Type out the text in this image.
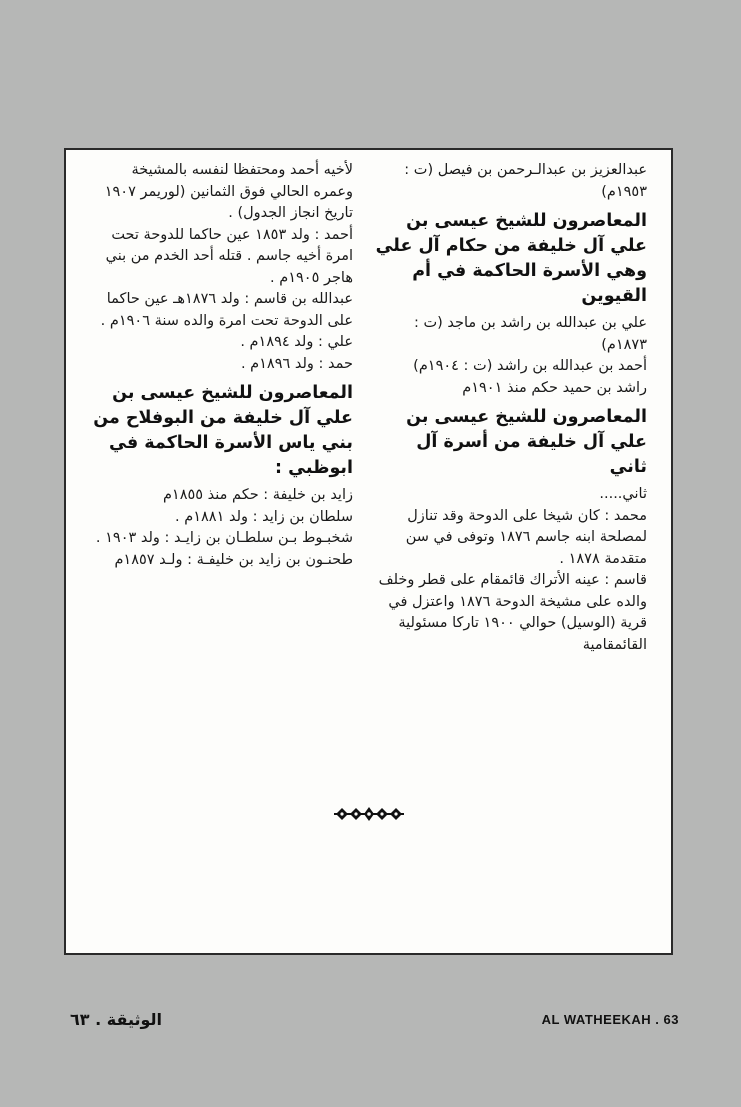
عبدالعزيز بن عبدالـرحمن بن فيصل (ت : ١٩٥٣م)

المعاصرون للشيخ عيسى بن علي آل خليفة من حكام آل علي وهي الأسرة الحاكمة في أم القيوين

علي بن عبدالله بن راشد بن ماجد (ت : ١٨٧٣م)

أحمد بن عبدالله بن راشد (ت : ١٩٠٤م)

راشد بن حميد حكم منذ ١٩٠١م

المعاصرون للشيخ عيسى بن علي آل خليفة من أسرة آل ثاني

ثاني.....

محمد : كان شيخا على الدوحة وقد تنازل لمصلحة ابنه جاسم ١٨٧٦ وتوفى في سن متقدمة ١٨٧٨ .

قاسم : عينه الأتراك قائمقام على قطر وخلف والده على مشيخة الدوحة ١٨٧٦ واعتزل في قرية (الوسيل) حوالي ١٩٠٠ تاركا مسئولية القائمقامية

لأخيه أحمد ومحتفظا لنفسه بالمشيخة وعمره الحالي فوق الثمانين (لوريمر ١٩٠٧ تاريخ انجاز الجدول) .

أحمد : ولد ١٨٥٣ عين حاكما للدوحة تحت امرة أخيه جاسم . قتله أحد الخدم من بني هاجر ١٩٠٥م .

عبدالله بن قاسم : ولد ١٨٧٦هـ عين حاكما على الدوحة تحت امرة والده سنة ١٩٠٦م .

علي : ولد ١٨٩٤م .

حمد : ولد ١٨٩٦م .

المعاصرون للشيخ عيسى بن علي آل خليفة من البوفلاح من بني ياس الأسرة الحاكمة في ابوظبي :

زايد بن خليفة : حكم منذ ١٨٥٥م

سلطان بن زايد : ولد ١٨٨١م .

شخبـوط بـن سلطـان بن زايـد : ولد ١٩٠٣ .

طحنـون بن زايد بن خليفـة : ولـد ١٨٥٧م

الوثيقة . ٦٣	AL WATHEEKAH . 63
